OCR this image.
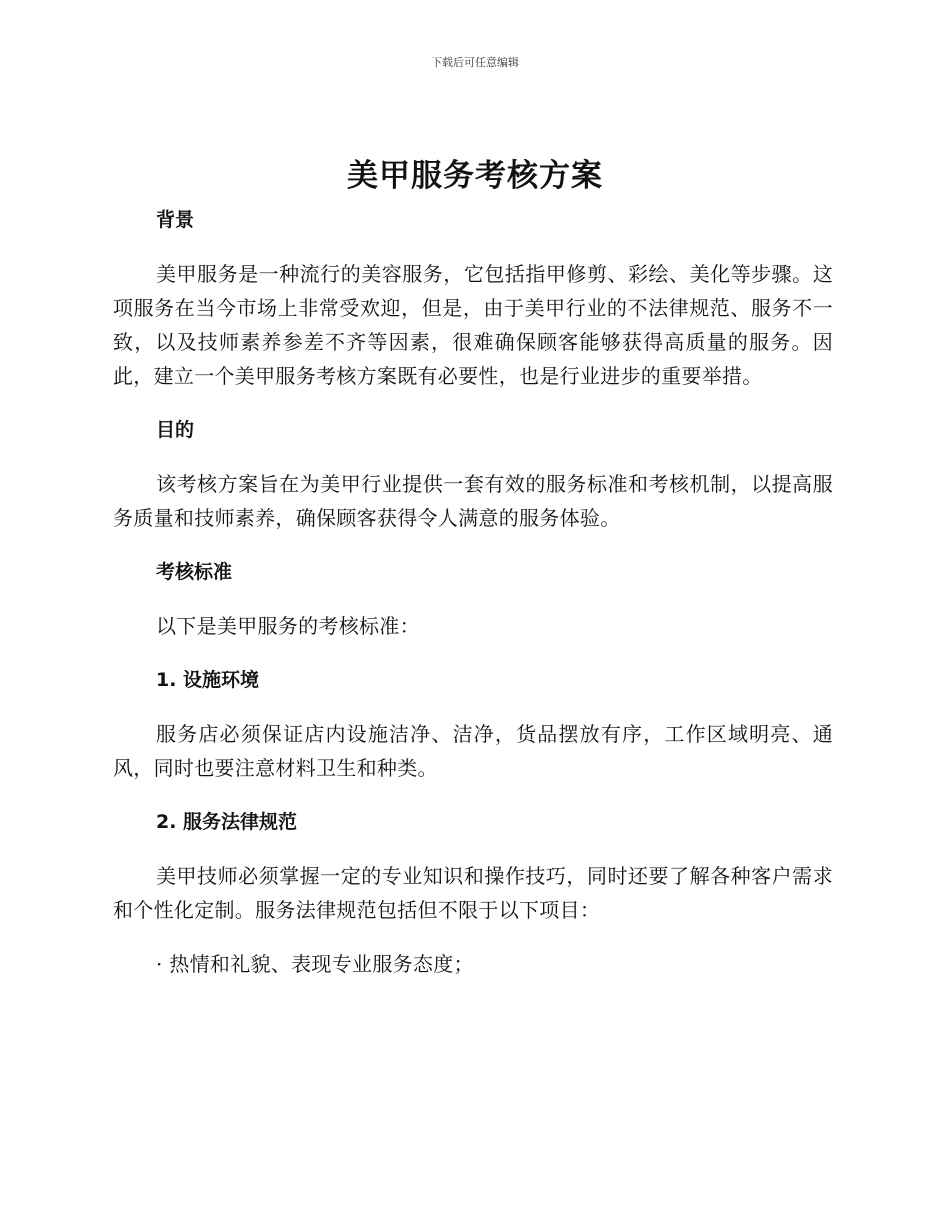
下载后可任意编辑
美甲服务考核方案

背景

美甲服务是一种流行的美容服务，它包括指甲修剪、彩绘、美化等步骤。这项服务在当今市场上非常受欢迎，但是，由于美甲行业的不法律规范、服务不一致，以及技师素养参差不齐等因素，很难确保顾客能够获得高质量的服务。因此，建立一个美甲服务考核方案既有必要性，也是行业进步的重要举措。

目的

该考核方案旨在为美甲行业提供一套有效的服务标准和考核机制，以提高服务质量和技师素养，确保顾客获得令人满意的服务体验。

考核标准

以下是美甲服务的考核标准：

1. 设施环境

服务店必须保证店内设施洁净、洁净，货品摆放有序，工作区域明亮、通风，同时也要注意材料卫生和种类。

2. 服务法律规范

美甲技师必须掌握一定的专业知识和操作技巧，同时还要了解各种客户需求和个性化定制。服务法律规范包括但不限于以下项目：

· 热情和礼貌、表现专业服务态度；
